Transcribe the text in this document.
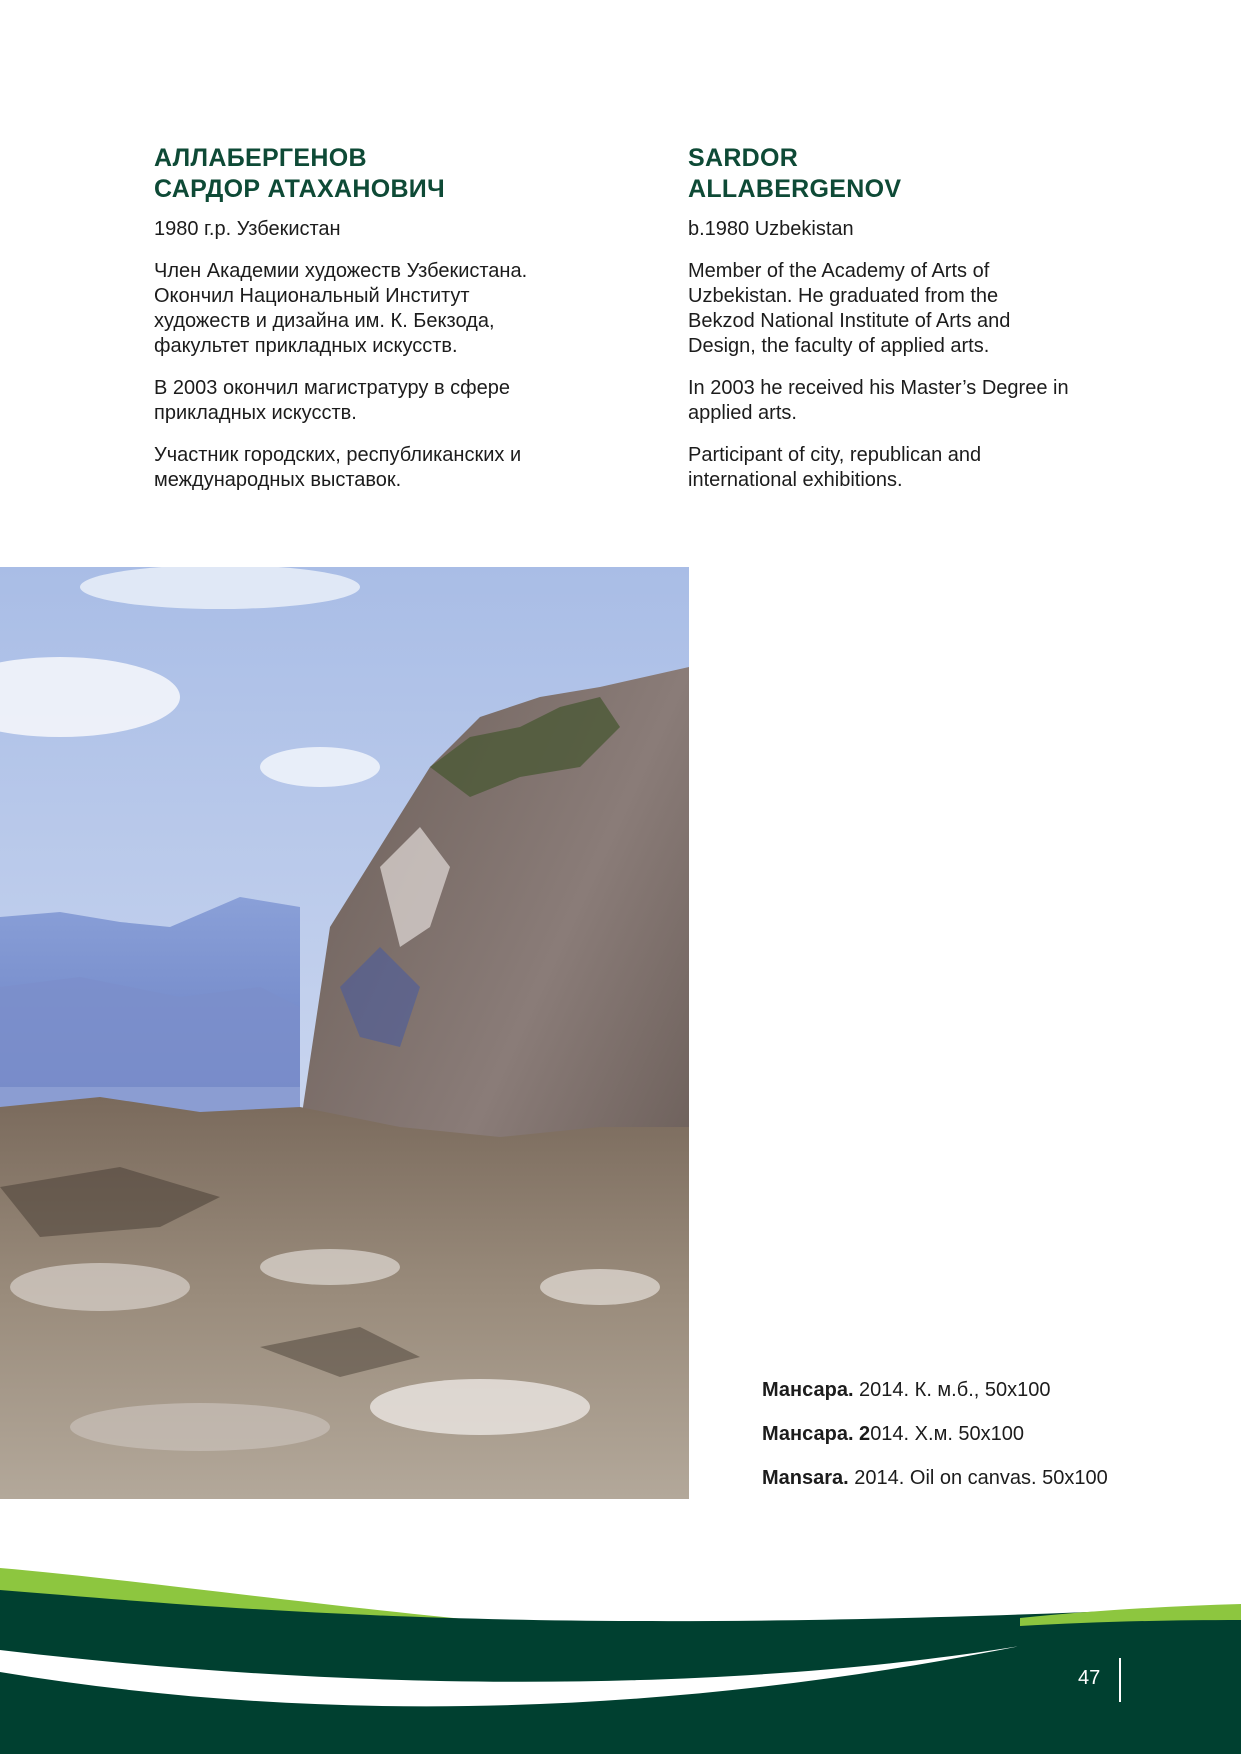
АЛЛАБЕРГЕНОВ
САРДОР АТАХАНОВИЧ

1980 г.р. Узбекистан

Член Академии художеств Узбекистана.
Окончил Национальный Институт
художеств и дизайна им. К. Бекзода,
факультет прикладных искусств.

В 2003 окончил магистратуру в сфере
прикладных искусств.

Участник городских, республиканских и
международных выставок.

SARDOR
ALLABERGENOV

b.1980 Uzbekistan

Member of the Academy of Arts of
Uzbekistan. He graduated from the
Bekzod National Institute of Arts and
Design, the faculty of applied arts.

In 2003 he received his Master’s Degree in
applied arts.

Participant of city, republican and
international exhibitions.

Мансара. 2014. К. м.б., 50x100

Мансара. 2014. Х.м. 50x100

Mansara. 2014. Oil on canvas. 50x100

47
